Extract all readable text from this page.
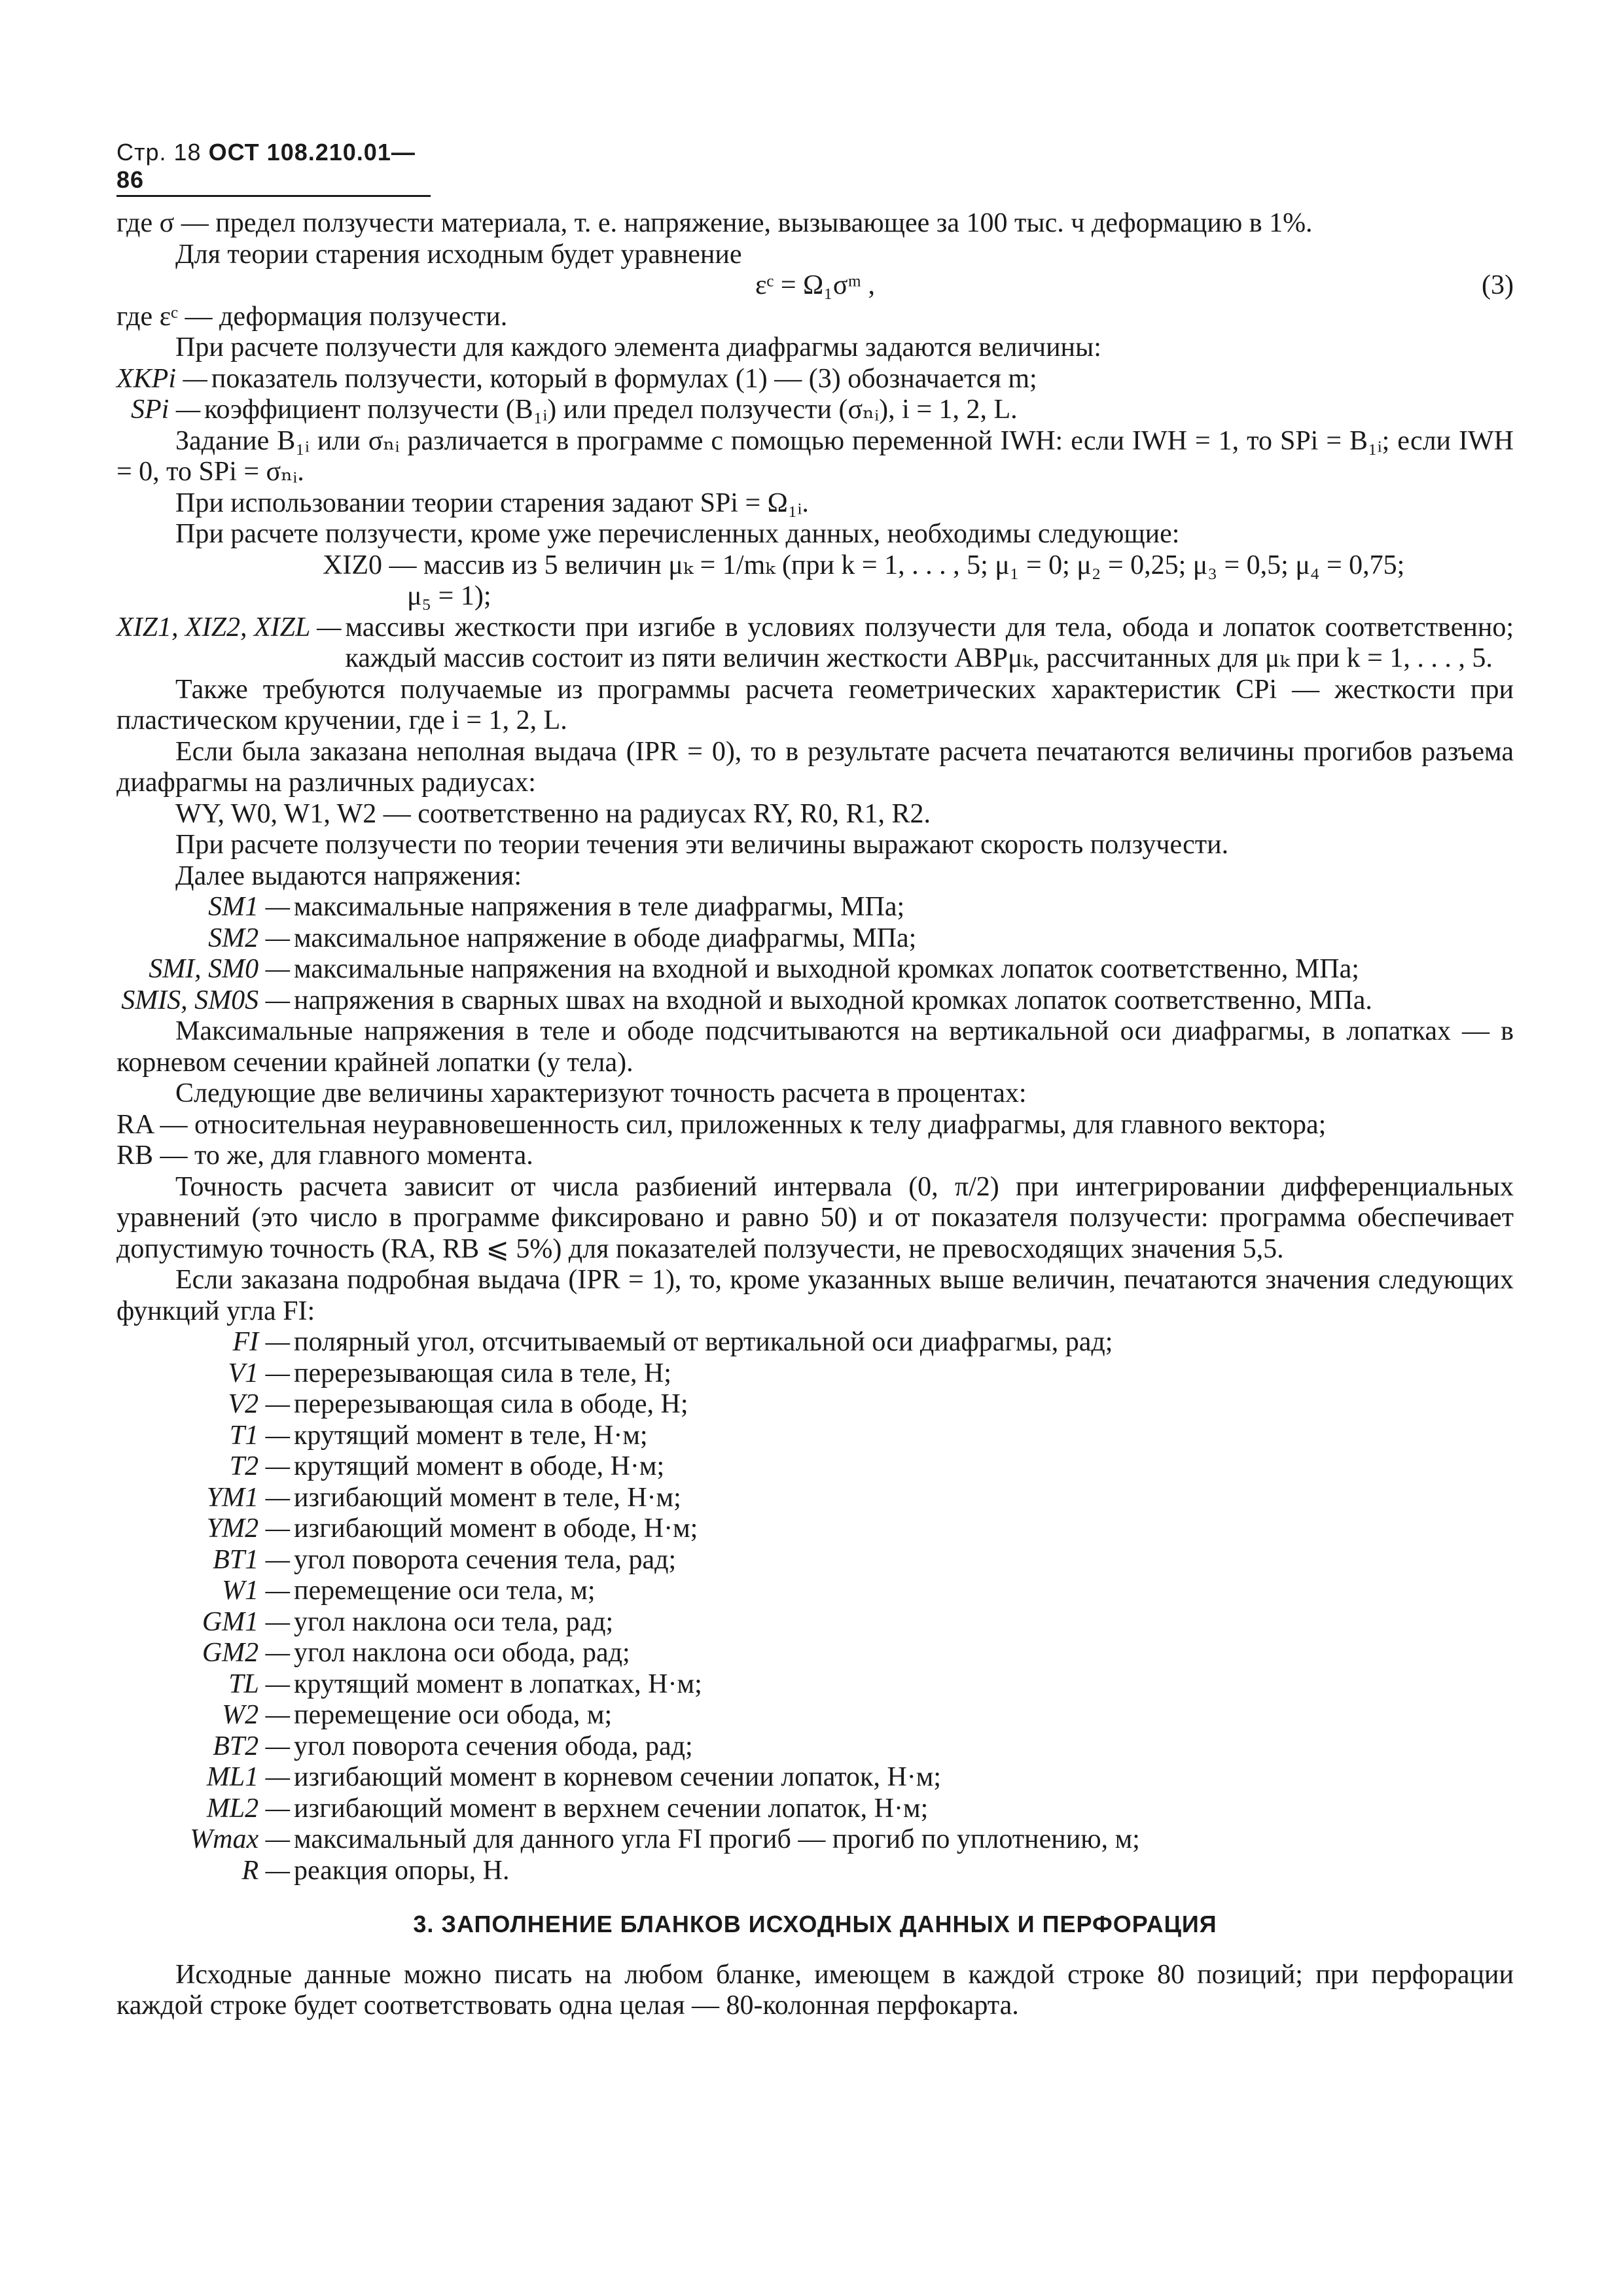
Стр. 18 ОСТ 108.210.01—86

где σ — предел ползучести материала, т. е. напряжение, вызывающее за 100 тыс. ч деформацию в 1%.

Для теории старения исходным будет уравнение

εᶜ = Ω₁σᵐ ,	(3)

где εᶜ — деформация ползучести.

При расчете ползучести для каждого элемента диафрагмы задаются величины:

XKPi — показатель ползучести, который в формулах (1) — (3) обозначается m;
SPi — коэффициент ползучести (B₁ᵢ) или предел ползучести (σₙᵢ), i = 1, 2, L.

Задание B₁ᵢ или σₙᵢ различается в программе с помощью переменной IWH: если IWH = 1, то SPi = B₁ᵢ; если IWH = 0, то SPi = σₙᵢ.

При использовании теории старения задают SPi = Ω₁ᵢ.

При расчете ползучести, кроме уже перечисленных данных, необходимы следующие:

XIZ0 — массив из 5 величин μₖ = 1/mₖ (при k = 1, . . . , 5; μ₁ = 0; μ₂ = 0,25; μ₃ = 0,5; μ₄ = 0,75;

μ₅ = 1);

XIZ1, XIZ2, XIZL — массивы жесткости при изгибе в условиях ползучести для тела, обода и лопаток соответственно; каждый массив состоит из пяти величин жесткости ABPμₖ, рассчитанных для μₖ при k = 1, . . . , 5.

Также требуются получаемые из программы расчета геометрических характеристик CPi — жесткости при пластическом кручении, где i = 1, 2, L.

Если была заказана неполная выдача (IPR = 0), то в результате расчета печатаются величины прогибов разъема диафрагмы на различных радиусах:

WY, W0, W1, W2 — соответственно на радиусах RY, R0, R1, R2.

При расчете ползучести по теории течения эти величины выражают скорость ползучести.

Далее выдаются напряжения:

SM1 — максимальные напряжения в теле диафрагмы, МПа;
SM2 — максимальное напряжение в ободе диафрагмы, МПа;
SMI, SM0 — максимальные напряжения на входной и выходной кромках лопаток соответственно, МПа;
SMIS, SM0S — напряжения в сварных швах на входной и выходной кромках лопаток соответственно, МПа.

Максимальные напряжения в теле и ободе подсчитываются на вертикальной оси диафрагмы, в лопатках — в корневом сечении крайней лопатки (у тела).

Следующие две величины характеризуют точность расчета в процентах:

RA — относительная неуравновешенность сил, приложенных к телу диафрагмы, для главного вектора;

RB — то же, для главного момента.

Точность расчета зависит от числа разбиений интервала (0, π/2) при интегрировании дифференциальных уравнений (это число в программе фиксировано и равно 50) и от показателя ползучести: программа обеспечивает допустимую точность (RA, RB ⩽ 5%) для показателей ползучести, не превосходящих значения 5,5.

Если заказана подробная выдача (IPR = 1), то, кроме указанных выше величин, печатаются значения следующих функций угла FI:

FI — полярный угол, отсчитываемый от вертикальной оси диафрагмы, рад;
V1 — перерезывающая сила в теле, Н;
V2 — перерезывающая сила в ободе, Н;
T1 — крутящий момент в теле, Н·м;
T2 — крутящий момент в ободе, Н·м;
YM1 — изгибающий момент в теле, Н·м;
YM2 — изгибающий момент в ободе, Н·м;
BT1 — угол поворота сечения тела, рад;
W1 — перемещение оси тела, м;
GM1 — угол наклона оси тела, рад;
GM2 — угол наклона оси обода, рад;
TL — крутящий момент в лопатках, Н·м;
W2 — перемещение оси обода, м;
BT2 — угол поворота сечения обода, рад;
ML1 — изгибающий момент в корневом сечении лопаток, Н·м;
ML2 — изгибающий момент в верхнем сечении лопаток, Н·м;
Wmax — максимальный для данного угла FI прогиб — прогиб по уплотнению, м;
R — реакция опоры, Н.
3. ЗАПОЛНЕНИЕ БЛАНКОВ ИСХОДНЫХ ДАННЫХ И ПЕРФОРАЦИЯ

Исходные данные можно писать на любом бланке, имеющем в каждой строке 80 позиций; при перфорации каждой строке будет соответствовать одна целая — 80-колонная перфокарта.
